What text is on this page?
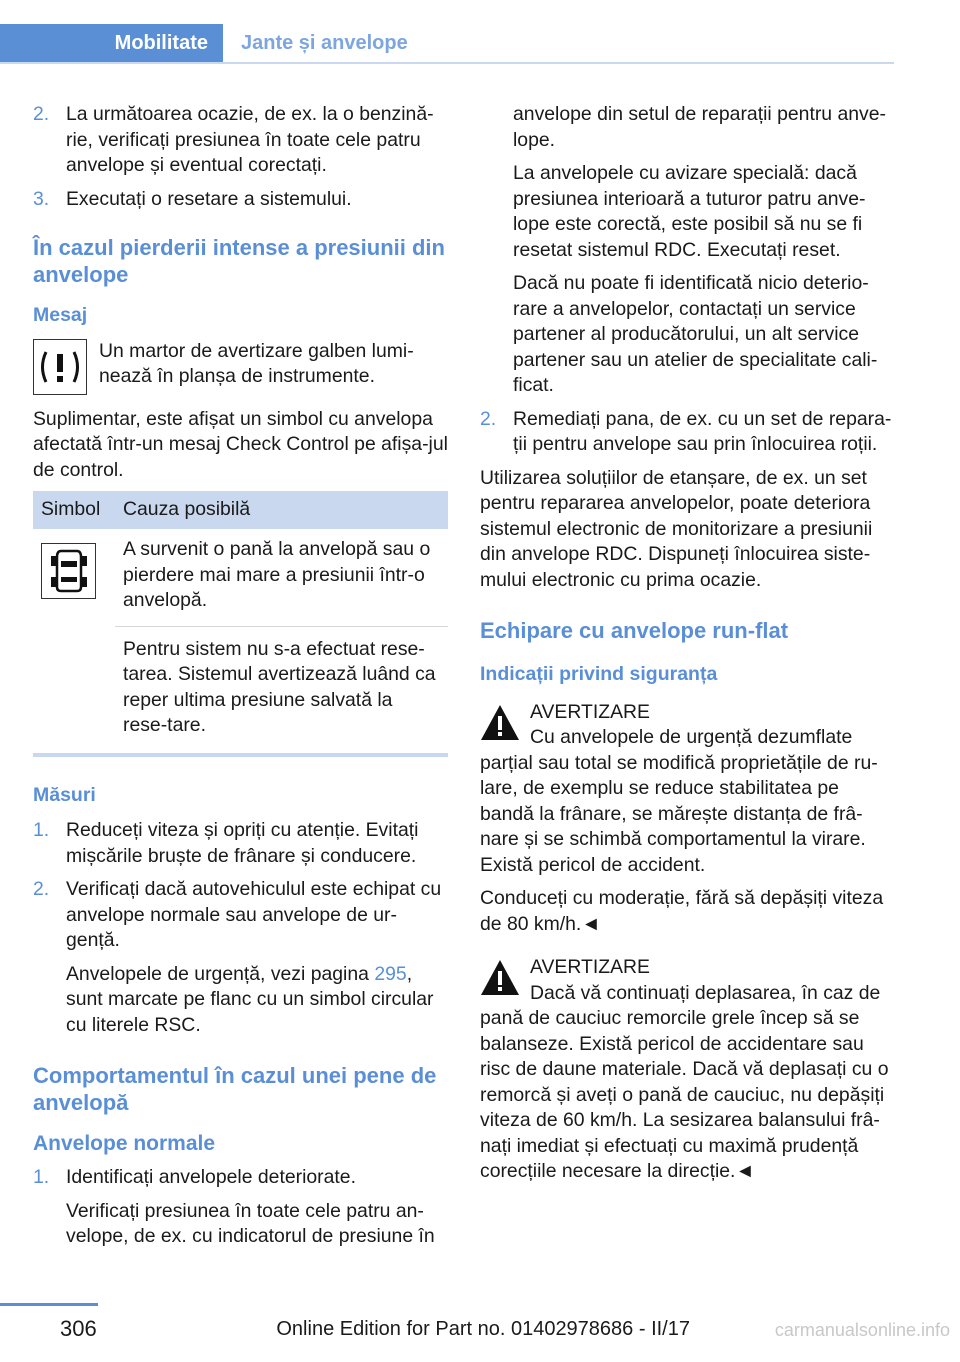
Mobilitate	Jante și anvelope
2. La următoarea ocazie, de ex. la o benzină‐rie, verificați presiunea în toate cele patru anvelope și eventual corectați.

3. Executați o resetare a sistemului.

În cazul pierderii intense a presiunii din anvelope
Mesaj

Un martor de avertizare galben lumi‐nează în planșa de instrumente.

Suplimentar, este afișat un simbol cu anvelopa afectată într-un mesaj Check Control pe afișa‐jul de control.

Simbol	Cauza posibilă

	A survenit o pană la anvelopă sau o pierdere mai mare a presiunii într-o anvelopă.
	Pentru sistem nu s-a efectuat rese‐tarea. Sistemul avertizează luând ca reper ultima presiune salvată la rese‐tare.
Măsuri
1. Reduceți viteza și opriți cu atenție. Evitați mișcările bruște de frânare și conducere.

2. Verificați dacă autovehiculul este echipat cu anvelope normale sau anvelope de ur‐gență.

Anvelopele de urgență, vezi pagina 295, sunt marcate pe flanc cu un simbol circular cu literele RSC.

Comportamentul în cazul unei pene de anvelopă
Anvelope normale
1. Identificați anvelopele deteriorate.

Verificați presiunea în toate cele patru an‐velope, de ex. cu indicatorul de presiune în

anvelope din setul de reparații pentru anve‐lope.

La anvelopele cu avizare specială: dacă presiunea interioară a tuturor patru anve‐lope este corectă, este posibil să nu se fi resetat sistemul RDC. Executați reset.

Dacă nu poate fi identificată nicio deterio‐rare a anvelopelor, contactați un service partener al producătorului, un alt service partener sau un atelier de specialitate cali‐ficat.

2. Remediați pana, de ex. cu un set de repara‐ții pentru anvelope sau prin înlocuirea roții.

Utilizarea soluțiilor de etanșare, de ex. un set pentru repararea anvelopelor, poate deteriora sistemul electronic de monitorizare a presiunii din anvelope RDC. Dispuneți înlocuirea siste‐mului electronic cu prima ocazie.

Echipare cu anvelope run-flat
Indicații privind siguranța
AVERTIZARE
Cu anvelopele de urgență dezumflate

parțial sau total se modifică proprietățile de ru‐lare, de exemplu se reduce stabilitatea pe bandă la frânare, se mărește distanța de frâ‐nare și se schimbă comportamentul la virare. Există pericol de accident.

Conduceți cu moderație, fără să depășiți viteza de 80 km/h.◄

AVERTIZARE
Dacă vă continuați deplasarea, în caz de

pană de cauciuc remorcile grele încep să se balanseze. Există pericol de accidentare sau risc de daune materiale. Dacă vă deplasați cu o remorcă și aveți o pană de cauciuc, nu depășiți viteza de 60 km/h. La sesizarea balansului frâ‐nați imediat și efectuați cu maximă prudență corecțiile necesare la direcție.◄

306	Online Edition for Part no. 01402978686 - II/17	carmanualsonline.info
